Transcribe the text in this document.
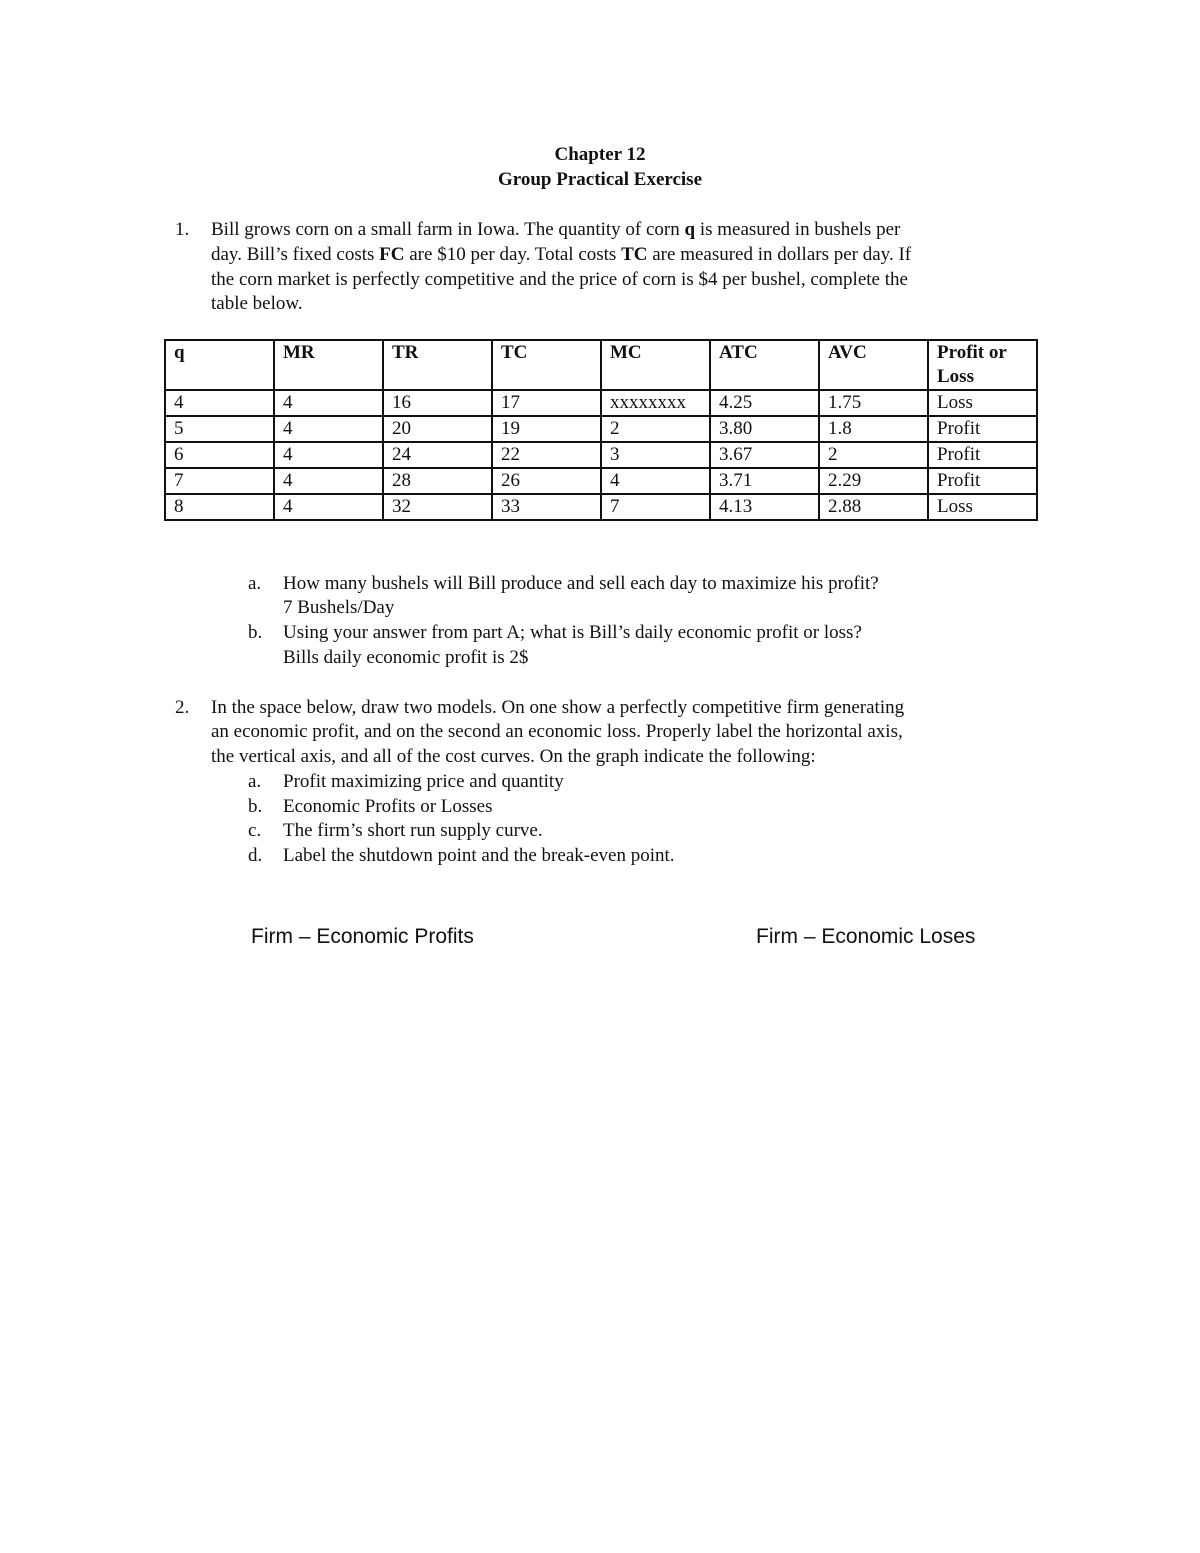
Chapter 12
Group Practical Exercise
1. Bill grows corn on a small farm in Iowa. The quantity of corn q is measured in bushels per
day. Bill’s fixed costs FC are $10 per day. Total costs TC are measured in dollars per day. If
the corn market is perfectly competitive and the price of corn is $4 per bushel, complete the
table below.
q	MR	TR	TC	MC	ATC	AVC	Profit or Loss
4	4	16	17	xxxxxxxx	4.25	1.75	Loss
5	4	20	19	2	3.80	1.8	Profit
6	4	24	22	3	3.67	2	Profit
7	4	28	26	4	3.71	2.29	Profit
8	4	32	33	7	4.13	2.88	Loss
a. How many bushels will Bill produce and sell each day to maximize his profit?
7 Bushels/Day
b. Using your answer from part A; what is Bill’s daily economic profit or loss?
Bills daily economic profit is 2$
2. In the space below, draw two models. On one show a perfectly competitive firm generating
an economic profit, and on the second an economic loss. Properly label the horizontal axis,
the vertical axis, and all of the cost curves. On the graph indicate the following:
a. Profit maximizing price and quantity
b. Economic Profits or Losses
c. The firm’s short run supply curve.
d. Label the shutdown point and the break-even point.
Firm – Economic Profits	Firm – Economic Loses
